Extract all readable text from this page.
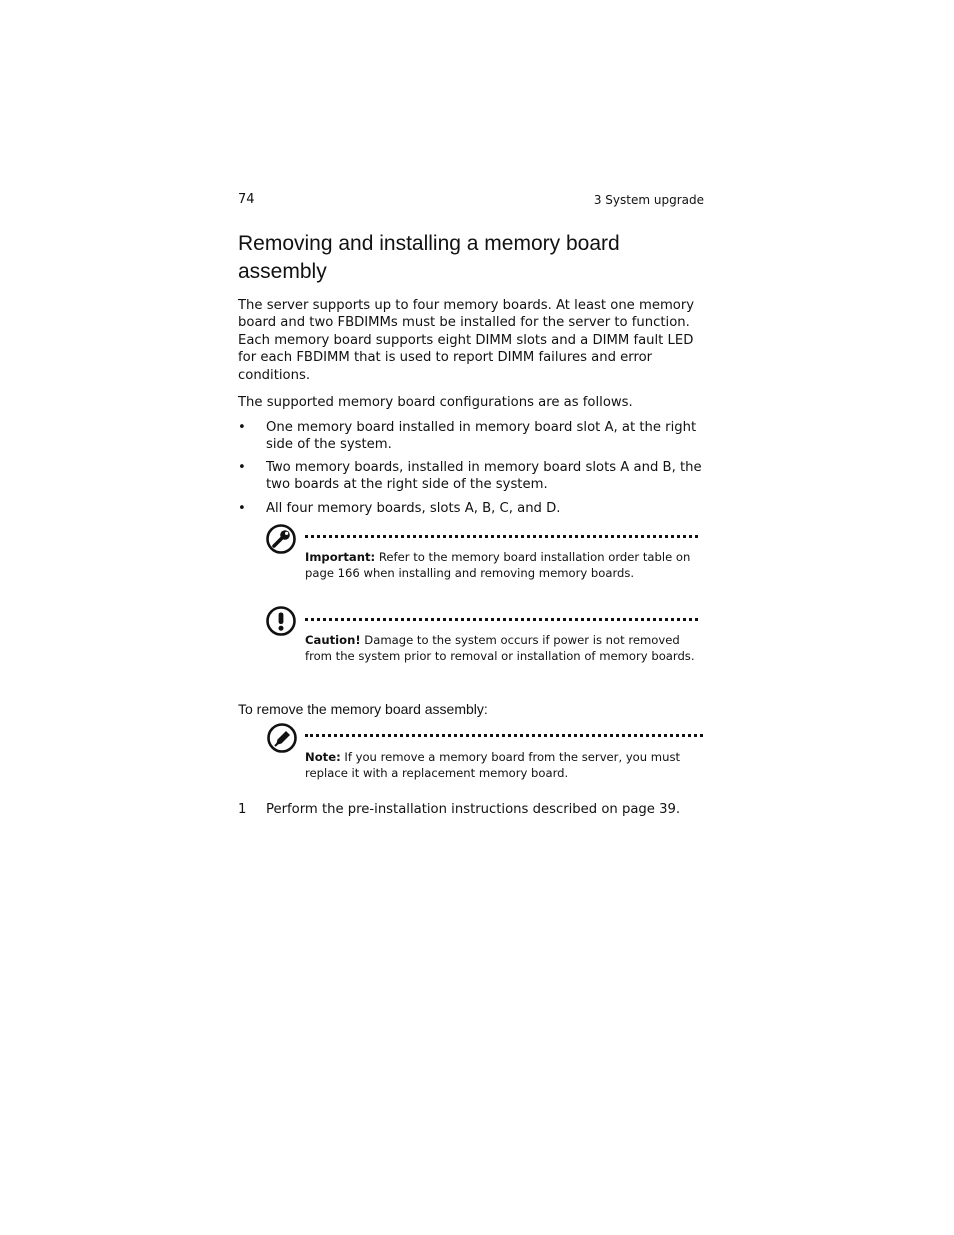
74	3 System upgrade
Removing and installing a memory board assembly

The server supports up to four memory boards. At least one memory board and two FBDIMMs must be installed for the server to function. Each memory board supports eight DIMM slots and a DIMM fault LED for each FBDIMM that is used to report DIMM failures and error conditions.

The supported memory board configurations are as follows.

• One memory board installed in memory board slot A, at the right side of the system.
• Two memory boards, installed in memory board slots A and B, the two boards at the right side of the system.
• All four memory boards, slots A, B, C, and D.

Important: Refer to the memory board installation order table on page 166 when installing and removing memory boards.

Caution! Damage to the system occurs if power is not removed from the system prior to removal or installation of memory boards.

To remove the memory board assembly:

Note: If you remove a memory board from the server, you must replace it with a replacement memory board.

1 Perform the pre-installation instructions described on page 39.
